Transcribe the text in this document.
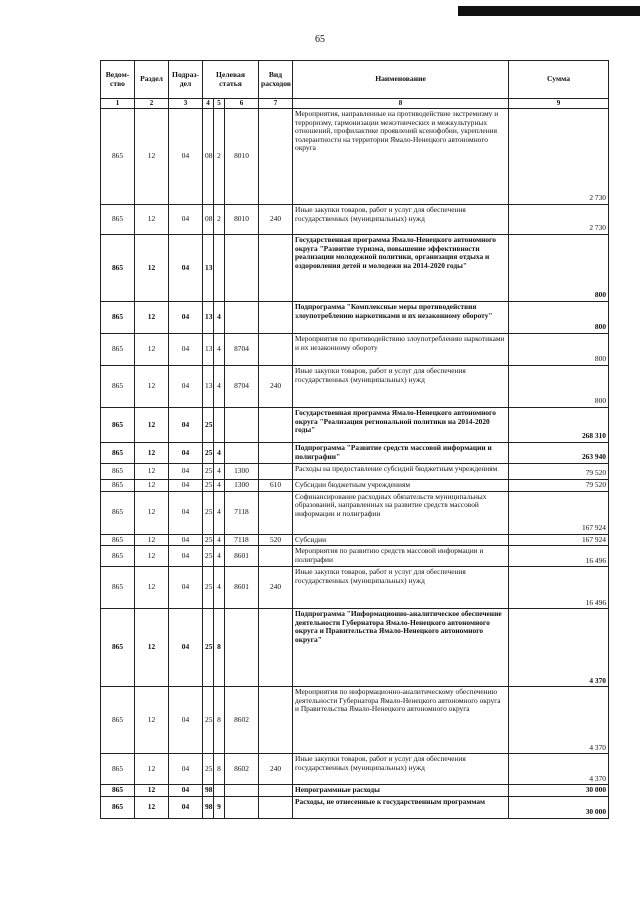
65
Ведом-ство	Раздел	Подраз-дел	Целевая статья			Вид расходов	Наименование	Сумма
1	2	3	4	5	6	7	8	9
865	12	04	08	2	8010		Мероприятия, направленные на противодействие экстремизму и терроризму, гармонизации межэтнических и межкультурных отношений, профилактике проявлений ксенофобии, укрепления толерантности на территории Ямало-Ненецкого автономного округа	2 730
865	12	04	08	2	8010	240	Иные закупки товаров, работ и услуг для обеспечения государственных (муниципальных) нужд	2 730
865	12	04	13				Государственная программа Ямало-Ненецкого автономного округа "Развитие туризма, повышение эффективности реализации молодежной политики, организация отдыха и оздоровления детей и молодежи на 2014-2020 годы"	800
865	12	04	13	4			Подпрограмма "Комплексные меры противодействия злоупотреблению наркотиками и их незаконному обороту"	800
865	12	04	13	4	8704		Мероприятия по противодействию злоупотреблению наркотиками и их незаконному обороту	800
865	12	04	13	4	8704	240	Иные закупки товаров, работ и услуг для обеспечения государственных (муниципальных) нужд	800
865	12	04	25				Государственная программа Ямало-Ненецкого автономного округа "Реализация региональной политики на 2014-2020 годы"	268 310
865	12	04	25	4			Подпрограмма "Развитие средств массовой информации и полиграфии"	263 940
865	12	04	25	4	1300		Расходы на предоставление субсидий бюджетным учреждениям	79 520
865	12	04	25	4	1300	610	Субсидии бюджетным учреждениям	79 520
865	12	04	25	4	7118		Софинансирование расходных обязательств муниципальных образований, направленных на развитие средств массовой информации и полиграфии	167 924
865	12	04	25	4	7118	520	Субсидии	167 924
865	12	04	25	4	8601		Мероприятия по развитию средств массовой информации и полиграфии	16 496
865	12	04	25	4	8601	240	Иные закупки товаров, работ и услуг для обеспечения государственных (муниципальных) нужд	16 496
865	12	04	25	8			Подпрограмма "Информационно-аналитическое обеспечение деятельности Губернатора Ямало-Ненецкого автономного округа и Правительства Ямало-Ненецкого автономного округа"	4 370
865	12	04	25	8	8602		Мероприятия по информационно-аналитическому обеспечению деятельности Губернатора Ямало-Ненецкого автономного округа и Правительства Ямало-Ненецкого автономного округа	4 370
865	12	04	25	8	8602	240	Иные закупки товаров, работ и услуг для обеспечения государственных (муниципальных) нужд	4 370
865	12	04	98				Непрограммные расходы	30 000
865	12	04	98	9			Расходы, не отнесенные к государственным программам	30 000
